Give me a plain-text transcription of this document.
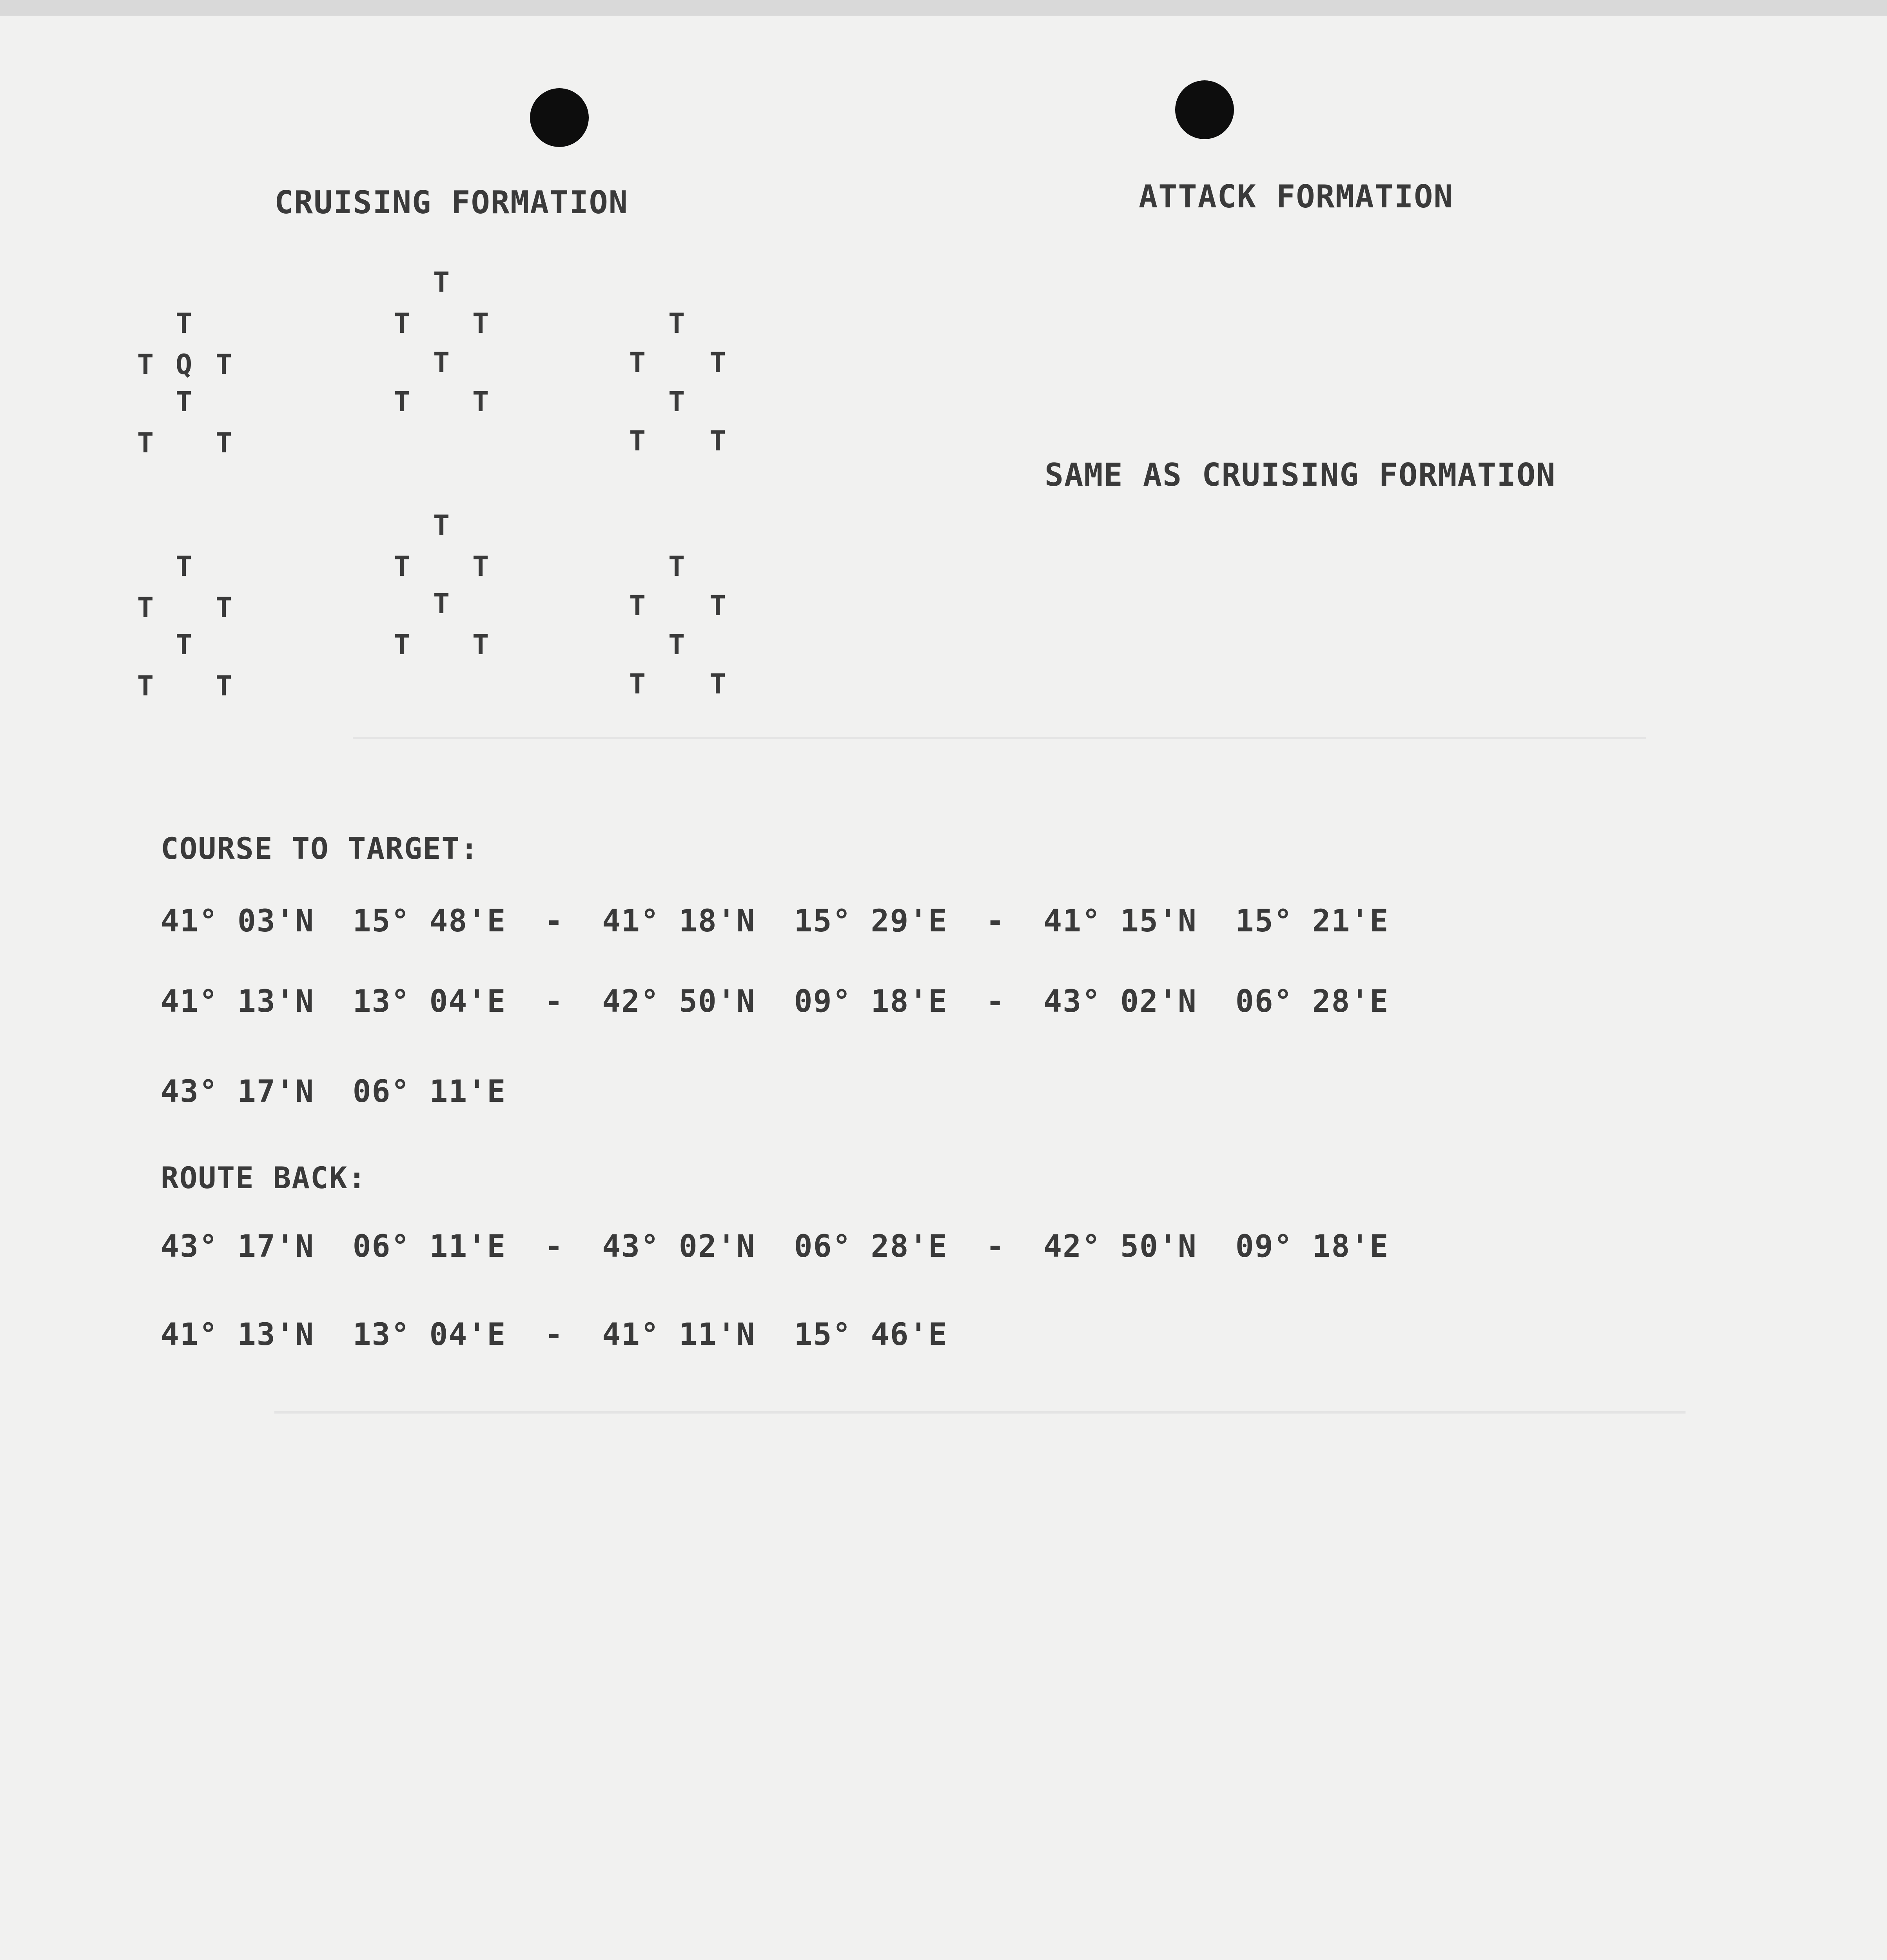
CRUISING FORMATION	ATTACK FORMATION
SAME AS CRUISING FORMATION
T
T Q T
T
T T
T
T T
T
T T
T
T T
T
T T
T
T T
T
T T
T
T T
T
T T
T
T T
T
T T
COURSE TO TARGET:
41° 03'N  15° 48'E  -  41° 18'N  15° 29'E  -  41° 15'N  15° 21'E
41° 13'N  13° 04'E  -  42° 50'N  09° 18'E  -  43° 02'N  06° 28'E
43° 17'N  06° 11'E
ROUTE BACK:
43° 17'N  06° 11'E  -  43° 02'N  06° 28'E  -  42° 50'N  09° 18'E
41° 13'N  13° 04'E  -  41° 11'N  15° 46'E
